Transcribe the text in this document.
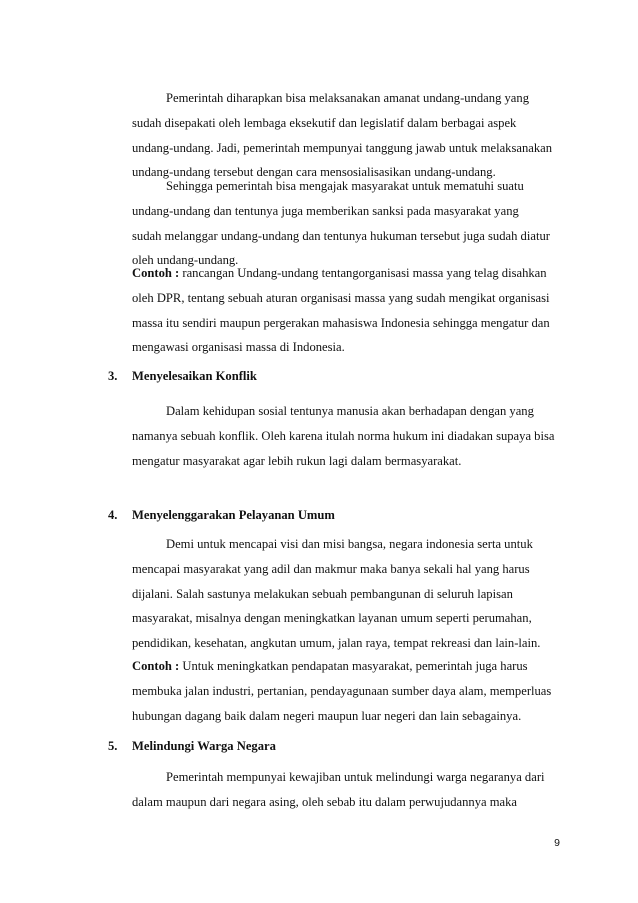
Pemerintah diharapkan bisa melaksanakan amanat undang-undang yang

sudah disepakati oleh lembaga eksekutif dan legislatif dalam berbagai aspek

undang-undang. Jadi, pemerintah mempunyai tanggung jawab untuk melaksanakan

undang-undang tersebut dengan cara mensosialisasikan undang-undang.

Sehingga pemerintah bisa mengajak masyarakat untuk mematuhi suatu

undang-undang dan tentunya juga memberikan sanksi pada masyarakat yang

sudah melanggar undang-undang dan tentunya hukuman tersebut juga sudah diatur

oleh undang-undang.

Contoh : rancangan Undang-undang tentangorganisasi massa yang telag disahkan

oleh DPR, tentang sebuah aturan organisasi massa yang sudah mengikat organisasi

massa itu sendiri maupun pergerakan mahasiswa Indonesia sehingga mengatur dan

mengawasi organisasi massa di Indonesia.

3. Menyelesaikan Konflik

Dalam kehidupan sosial tentunya manusia akan berhadapan dengan yang

namanya sebuah konflik. Oleh karena itulah norma hukum ini diadakan supaya bisa

mengatur masyarakat agar lebih rukun lagi dalam bermasyarakat.

4. Menyelenggarakan Pelayanan Umum

Demi untuk mencapai visi dan misi bangsa, negara indonesia serta untuk

mencapai masyarakat yang adil dan makmur maka banya sekali hal yang harus

dijalani. Salah sastunya melakukan sebuah pembangunan di seluruh lapisan

masyarakat, misalnya dengan meningkatkan layanan umum seperti perumahan,

pendidikan, kesehatan, angkutan umum, jalan raya, tempat rekreasi dan lain-lain.

Contoh : Untuk meningkatkan pendapatan masyarakat, pemerintah juga harus

membuka jalan industri, pertanian, pendayagunaan sumber daya alam, memperluas

hubungan dagang baik dalam negeri maupun luar negeri dan lain sebagainya.

5. Melindungi Warga Negara

Pemerintah mempunyai kewajiban untuk melindungi warga negaranya dari

dalam maupun dari negara asing, oleh sebab itu dalam perwujudannya maka

9
